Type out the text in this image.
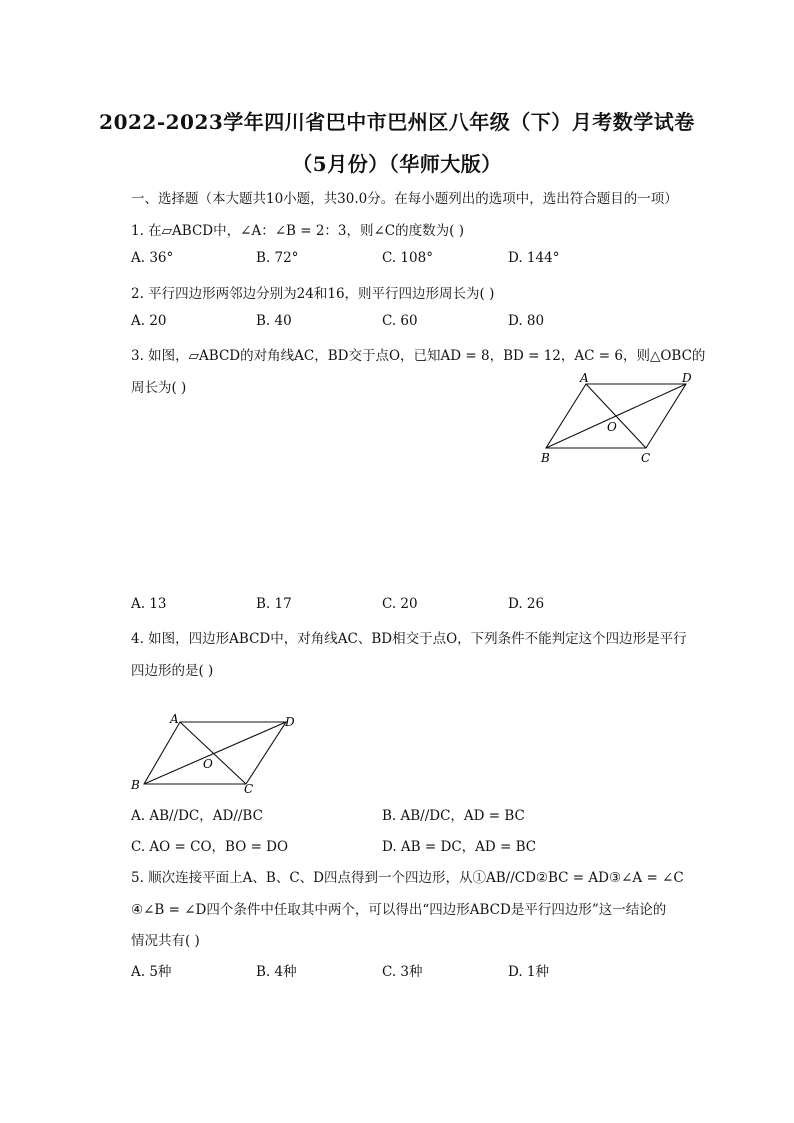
2022-2023学年四川省巴中市巴州区八年级（下）月考数学试卷
（5月份）（华师大版）
一、选择题（本大题共10小题，共30.0分。在每小题列出的选项中，选出符合题目的一项）
1. 在▱ABCD中，∠A：∠B = 2：3，则∠C的度数为( )
A. 36°	B. 72°	C. 108°	D. 144°
2. 平行四边形两邻边分别为24和16，则平行四边形周长为( )
A. 20	B. 40	C. 60	D. 80
3. 如图，▱ABCD的对角线AC，BD交于点O，已知AD = 8，BD = 12，AC = 6，则△OBC的
周长为( )
A	D
B	C
O
A. 13	B. 17	C. 20	D. 26
4. 如图，四边形ABCD中，对角线AC、BD相交于点O，下列条件不能判定这个四边形是平行
四边形的是( )
A	D
B	C
O
A. AB//DC，AD//BC	B. AB//DC，AD = BC
C. AO = CO，BO = DO	D. AB = DC，AD = BC
5. 顺次连接平面上A、B、C、D四点得到一个四边形，从①AB//CD②BC = AD③∠A = ∠C
④∠B = ∠D四个条件中任取其中两个，可以得出“四边形ABCD是平行四边形”这一结论的
情况共有( )
A. 5种	B. 4种	C. 3种	D. 1种
